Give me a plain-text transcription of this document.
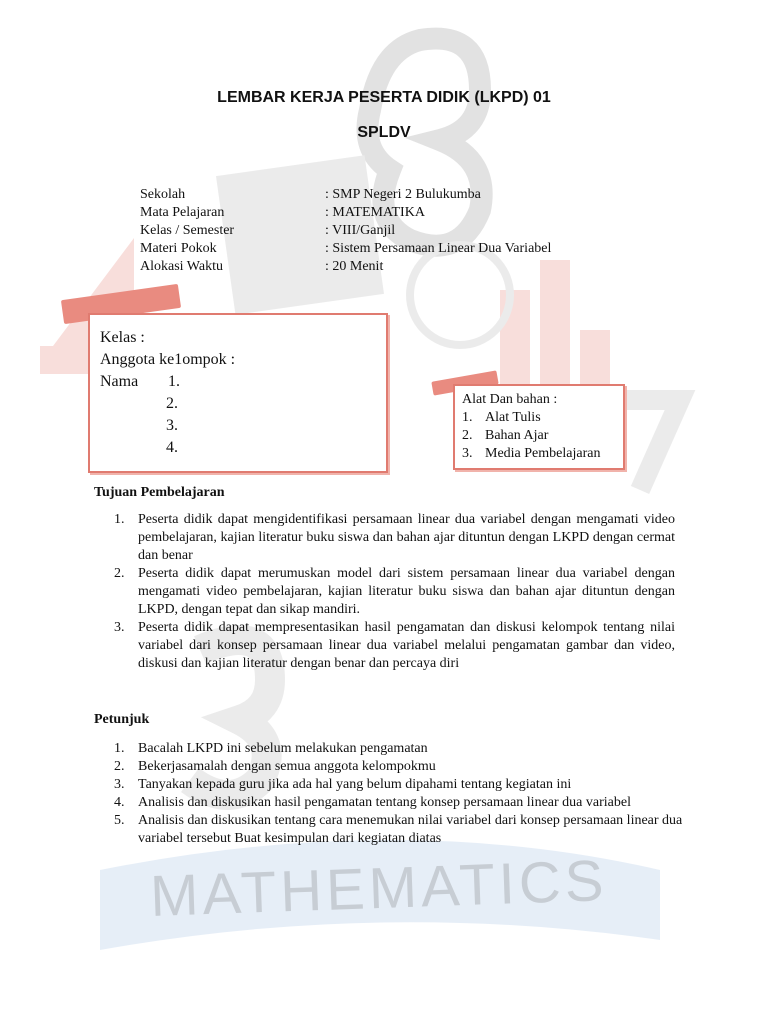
LEMBAR KERJA PESERTA DIDIK (LKPD) 01
SPLDV
Sekolah	: SMP Negeri 2 Bulukumba
Mata Pelajaran	: MATEMATIKA
Kelas / Semester	: VIII/Ganjil
Materi Pokok	: Sistem Persamaan Linear Dua Variabel
Alokasi Waktu	: 20 Menit
Kelas :
Anggota ke1ompok :
Nama	1.
2.
3.
4.
Alat Dan bahan :
1. Alat Tulis
2. Bahan Ajar
3. Media Pembelajaran
Tujuan Pembelajaran
1. Peserta didik dapat mengidentifikasi persamaan linear dua variabel dengan mengamati video pembelajaran, kajian literatur buku siswa dan bahan ajar dituntun dengan LKPD dengan cermat dan benar
2. Peserta didik dapat merumuskan model dari sistem persamaan linear dua variabel dengan mengamati video pembelajaran, kajian literatur buku siswa dan bahan ajar dituntun dengan LKPD, dengan tepat dan sikap mandiri.
3. Peserta didik dapat mempresentasikan hasil pengamatan dan diskusi kelompok tentang nilai variabel dari konsep persamaan linear dua variabel melalui pengamatan gambar dan video, diskusi dan kajian literatur dengan benar dan percaya diri
Petunjuk
1. Bacalah LKPD ini sebelum melakukan pengamatan
2. Bekerjasamalah dengan semua anggota kelompokmu
3. Tanyakan kepada guru jika ada hal yang belum dipahami tentang kegiatan ini
4. Analisis dan diskusikan hasil pengamatan tentang konsep persamaan linear dua variabel
5. Analisis dan diskusikan tentang cara menemukan nilai variabel dari konsep persamaan linear dua variabel tersebut Buat kesimpulan dari kegiatan diatas
MATHEMATICS
